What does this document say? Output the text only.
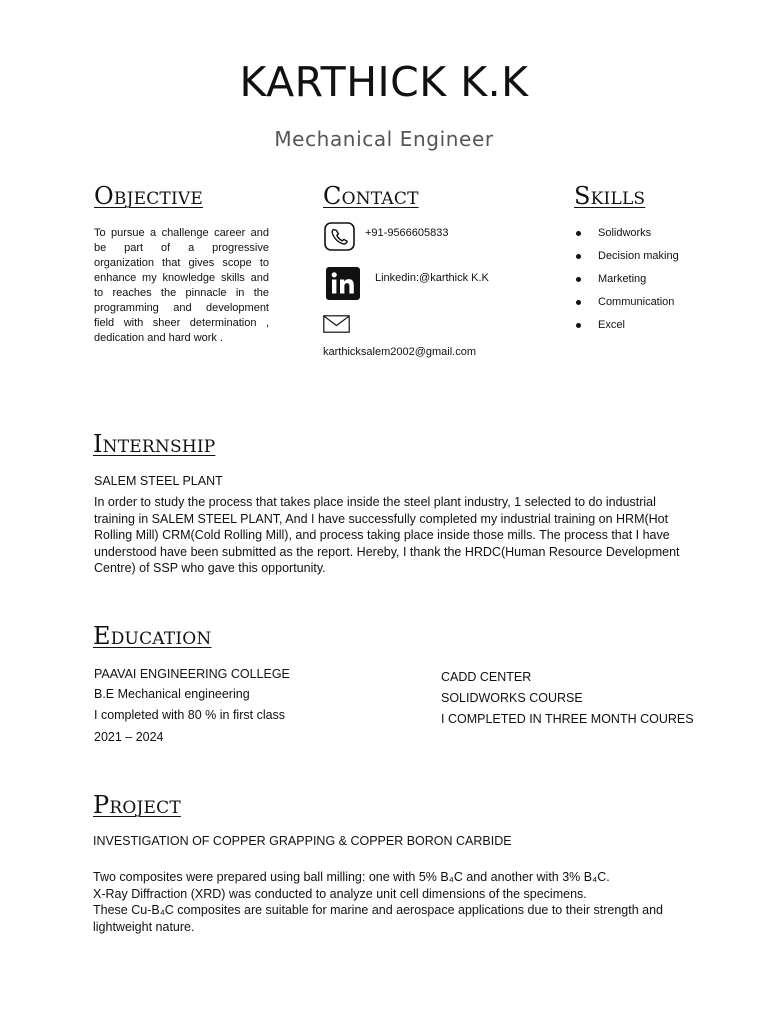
KARTHICK K.K
Mechanical Engineer
Objective
To pursue a challenge career and be part of a progressive organization that gives scope to enhance my knowledge skills and to reaches the pinnacle in the programming and development field with sheer determination , dedication and hard work .
Contact
+91-9566605833
Linkedin:@karthick K.K
karthicksalem2002@gmail.com
Skills
Solidworks
Decision making
Marketing
Communication
Excel
Internship
SALEM STEEL PLANT
In order to study the process that takes place inside the steel plant industry, 1 selected to do industrial training in SALEM STEEL PLANT, And I have successfully completed my industrial training on HRM(Hot Rolling Mill) CRM(Cold Rolling Mill), and process taking place inside those mills. The process that I have understood have been submitted as the report. Hereby, I thank the HRDC(Human Resource Development Centre) of SSP who gave this opportunity.
Education

PAAVAI ENGINEERING COLLEGE

B.E Mechanical engineering

I completed with 80 % in first class

2021 – 2024

CADD CENTER

SOLIDWORKS COURSE

I COMPLETED IN THREE MONTH COURES

Project
INVESTIGATION OF COPPER GRAPPING & COPPER BORON CARBIDE
Two composites were prepared using ball milling: one with 5% B₄C and another with 3% B₄C.
X-Ray Diffraction (XRD) was conducted to analyze unit cell dimensions of the specimens.
These Cu-B₄C composites are suitable for marine and aerospace applications due to their strength and lightweight nature.
